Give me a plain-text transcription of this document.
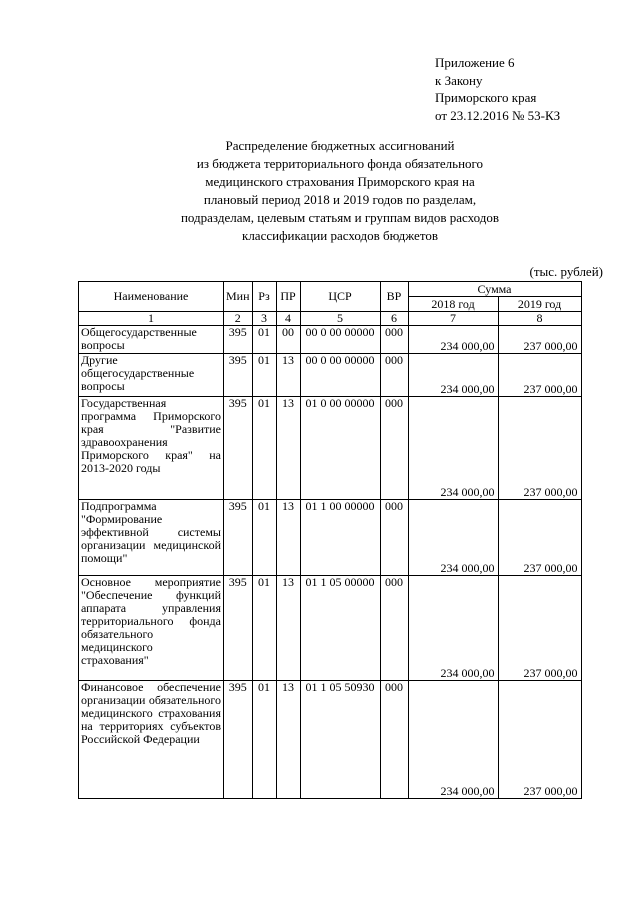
Приложение 6
к Закону
Приморского края
от 23.12.2016 № 53-КЗ
Распределение бюджетных ассигнований
из бюджета территориального фонда обязательного
медицинского страхования Приморского края на
плановый период 2018 и 2019 годов по разделам,
подразделам, целевым статьям и группам видов расходов
классификации расходов бюджетов
(тыс. рублей)
Наименование	Мин	Рз	ПР	ЦСР	ВР	Сумма	
						2018 год	2019 год
1	2	3	4	5	6	7	8
Общегосударственные вопросы	395	01	00	00 0 00 00000	000	234 000,00	237 000,00
Другие общегосударственные вопросы	395	01	13	00 0 00 00000	000	234 000,00	237 000,00
Государственная программа Приморского края "Развитие здравоохранения Приморского края" на 2013-2020 годы	395	01	13	01 0 00 00000	000	234 000,00	237 000,00
Подпрограмма "Формирование эффективной системы организации медицинской помощи"	395	01	13	01 1 00 00000	000	234 000,00	237 000,00
Основное мероприятие "Обеспечение функций аппарата управления территориального фонда обязательного медицинского страхования"	395	01	13	01 1 05 00000	000	234 000,00	237 000,00
Финансовое обеспечение организации обязательного медицинского страхования на территориях субъектов Российской Федерации	395	01	13	01 1 05 50930	000	234 000,00	237 000,00
